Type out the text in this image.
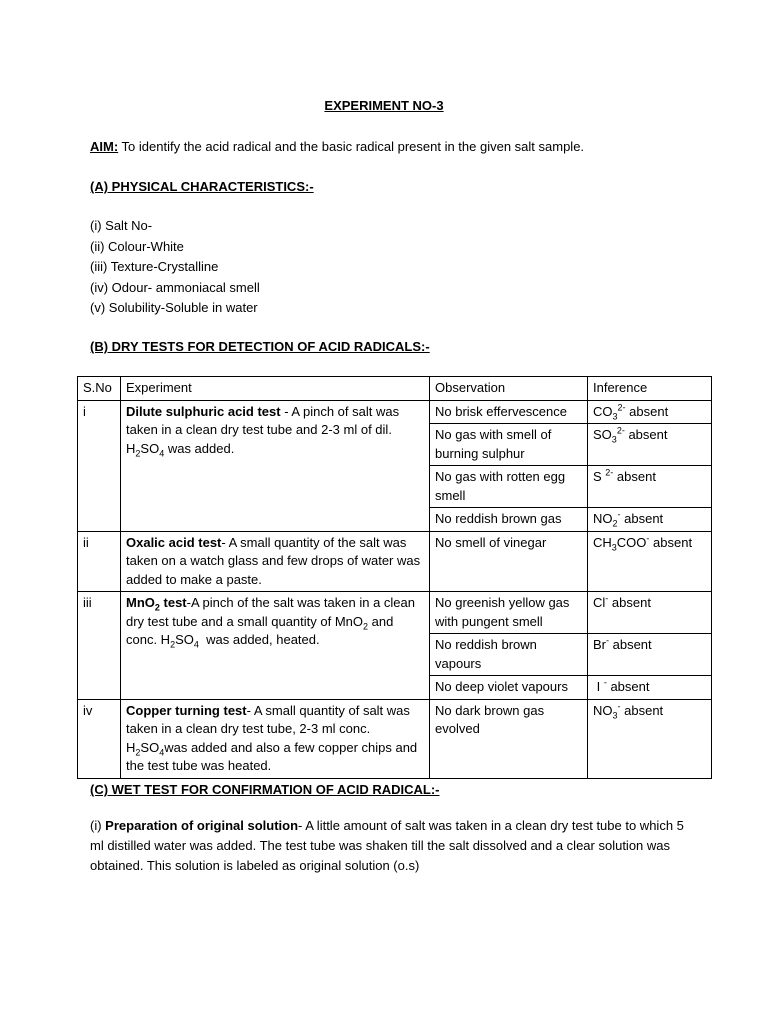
EXPERIMENT NO-3
AIM: To identify the acid radical and the basic radical present in the given salt sample.
(A) PHYSICAL CHARACTERISTICS:-
(i) Salt No-
(ii) Colour-White
(iii) Texture-Crystalline
(iv) Odour- ammoniacal smell
(v) Solubility-Soluble in water
(B) DRY TESTS FOR DETECTION OF ACID RADICALS:-
S.No	Experiment	Observation	Inference
i	Dilute sulphuric acid test - A pinch of salt was taken in a clean dry test tube and 2-3 ml of dil. $H_2SO_4$ was added.	No brisk effervescence	$CO_3^{2-}$ absent
		No gas with smell of burning sulphur	$SO_3^{2-}$ absent
		No gas with rotten egg smell	S $^{2-}$ absent
		No reddish brown gas	$NO_2^-$ absent
ii	Oxalic acid test- A small quantity of the salt was taken on a watch glass and few drops of water was added to make a paste.	No smell of vinegar	$CH_3COO^-$ absent
iii	MnO$_2$ test-A pinch of the salt was taken in a clean dry test tube and a small quantity of MnO$_2$ and conc. $H_2SO_4$  was added, heated.	No greenish yellow gas with pungent smell	Cl- absent
		No reddish brown vapours	Br- absent
		No deep violet vapours	I - absent
iv	Copper turning test- A small quantity of salt was taken in a clean dry test tube, 2-3 ml conc. $H_2SO_4was$ added and also a few copper chips and the test tube was heated.	No dark brown gas evolved	$NO_3^-$ absent
(C) WET TEST FOR CONFIRMATION OF ACID RADICAL:-

(i) Preparation of original solution- A little amount of salt was taken in a clean dry test tube to which 5 ml distilled water was added. The test tube was shaken till the salt dissolved and a clear solution was obtained. This solution is labeled as original solution (o.s)
